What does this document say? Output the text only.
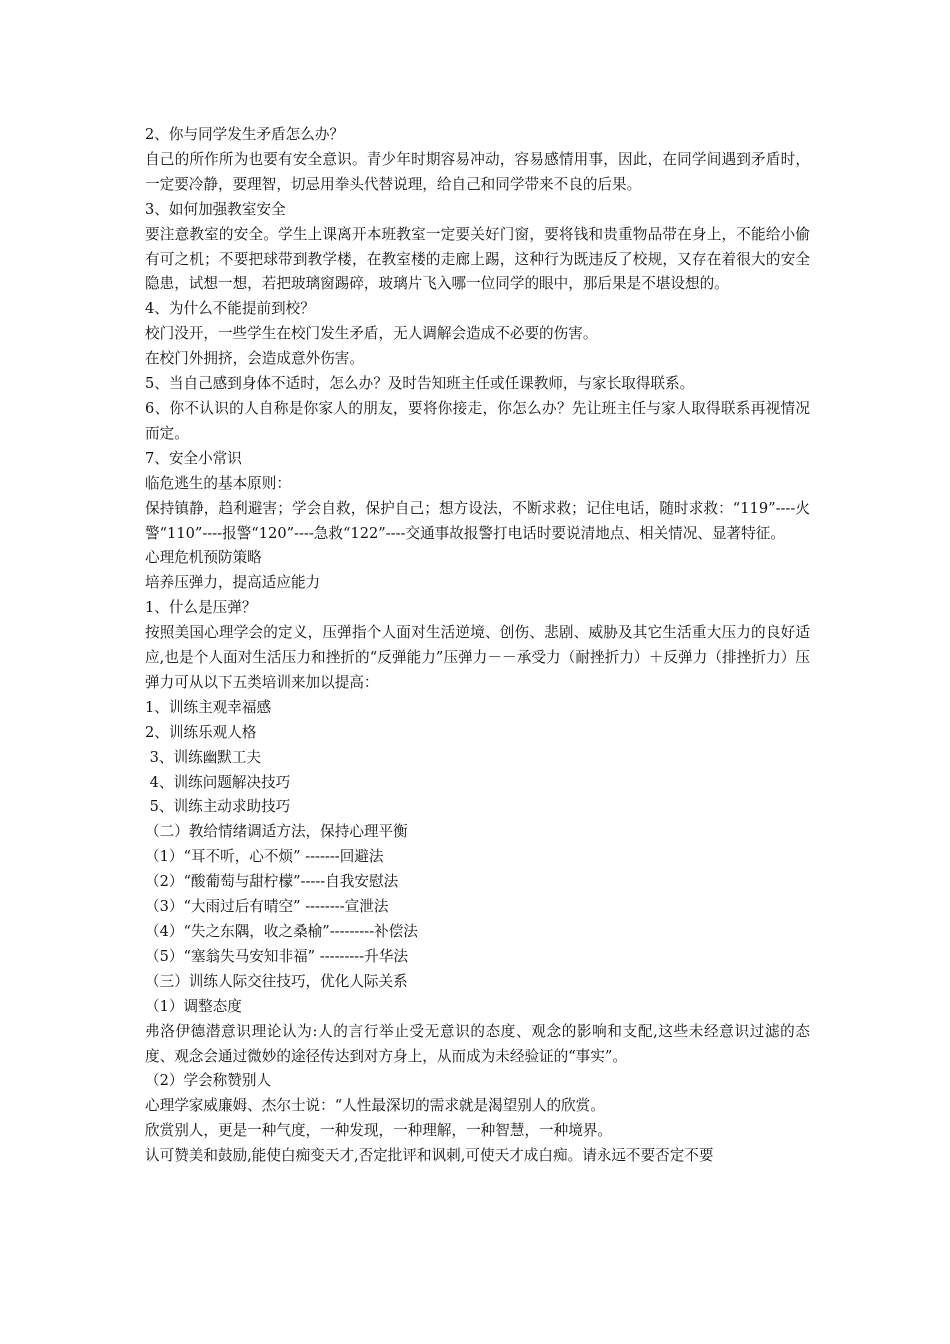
2、你与同学发生矛盾怎么办？
自己的所作所为也要有安全意识。青少年时期容易冲动，容易感情用事，因此，在同学间遇到矛盾时，一定要冷静，要理智，切忌用拳头代替说理，给自己和同学带来不良的后果。
3、如何加强教室安全
要注意教室的安全。学生上课离开本班教室一定要关好门窗，要将钱和贵重物品带在身上，不能给小偷有可之机；不要把球带到教学楼，在教室楼的走廊上踢，这种行为既违反了校规，又存在着很大的安全隐患，试想一想，若把玻璃窗踢碎，玻璃片飞入哪一位同学的眼中，那后果是不堪设想的。
4、为什么不能提前到校？
校门没开，一些学生在校门发生矛盾，无人调解会造成不必要的伤害。
在校门外拥挤，会造成意外伤害。
5、当自己感到身体不适时，怎么办？及时告知班主任或任课教师，与家长取得联系。
6、你不认识的人自称是你家人的朋友，要将你接走，你怎么办？先让班主任与家人取得联系再视情况而定。
7、安全小常识
临危逃生的基本原则：
保持镇静，趋利避害；学会自救，保护自己；想方设法，不断求救；记住电话，随时求救：“119”----火警“110”----报警“120”----急救“122”----交通事故报警打电话时要说清地点、相关情况、显著特征。
心理危机预防策略
培养压弹力，提高适应能力
1、什么是压弹？
按照美国心理学会的定义，压弹指个人面对生活逆境、创伤、悲剧、威胁及其它生活重大压力的良好适应,也是个人面对生活压力和挫折的“反弹能力”压弹力－－承受力（耐挫折力）＋反弹力（排挫折力）压弹力可从以下五类培训来加以提高：
1、训练主观幸福感
2、训练乐观人格
3、训练幽默工夫
4、训练问题解决技巧
5、训练主动求助技巧
（二）教给情绪调适方法，保持心理平衡
（1）“耳不听，心不烦” -------回避法
（2）“酸葡萄与甜柠檬”-----自我安慰法
（3）“大雨过后有晴空” --------宣泄法
（4）“失之东隅，收之桑榆”---------补偿法
（5）“塞翁失马安知非福” ---------升华法
（三）训练人际交往技巧，优化人际关系
（1）调整态度
弗洛伊德潜意识理论认为:人的言行举止受无意识的态度、观念的影响和支配,这些未经意识过滤的态度、观念会通过微妙的途径传达到对方身上，从而成为未经验证的“事实”。
（2）学会称赞别人
心理学家威廉姆、杰尔士说：“人性最深切的需求就是渴望别人的欣赏。
欣赏别人，更是一种气度，一种发现，一种理解，一种智慧，一种境界。
认可赞美和鼓励,能使白痴变天才,否定批评和讽刺,可使天才成白痴。请永远不要否定不要
